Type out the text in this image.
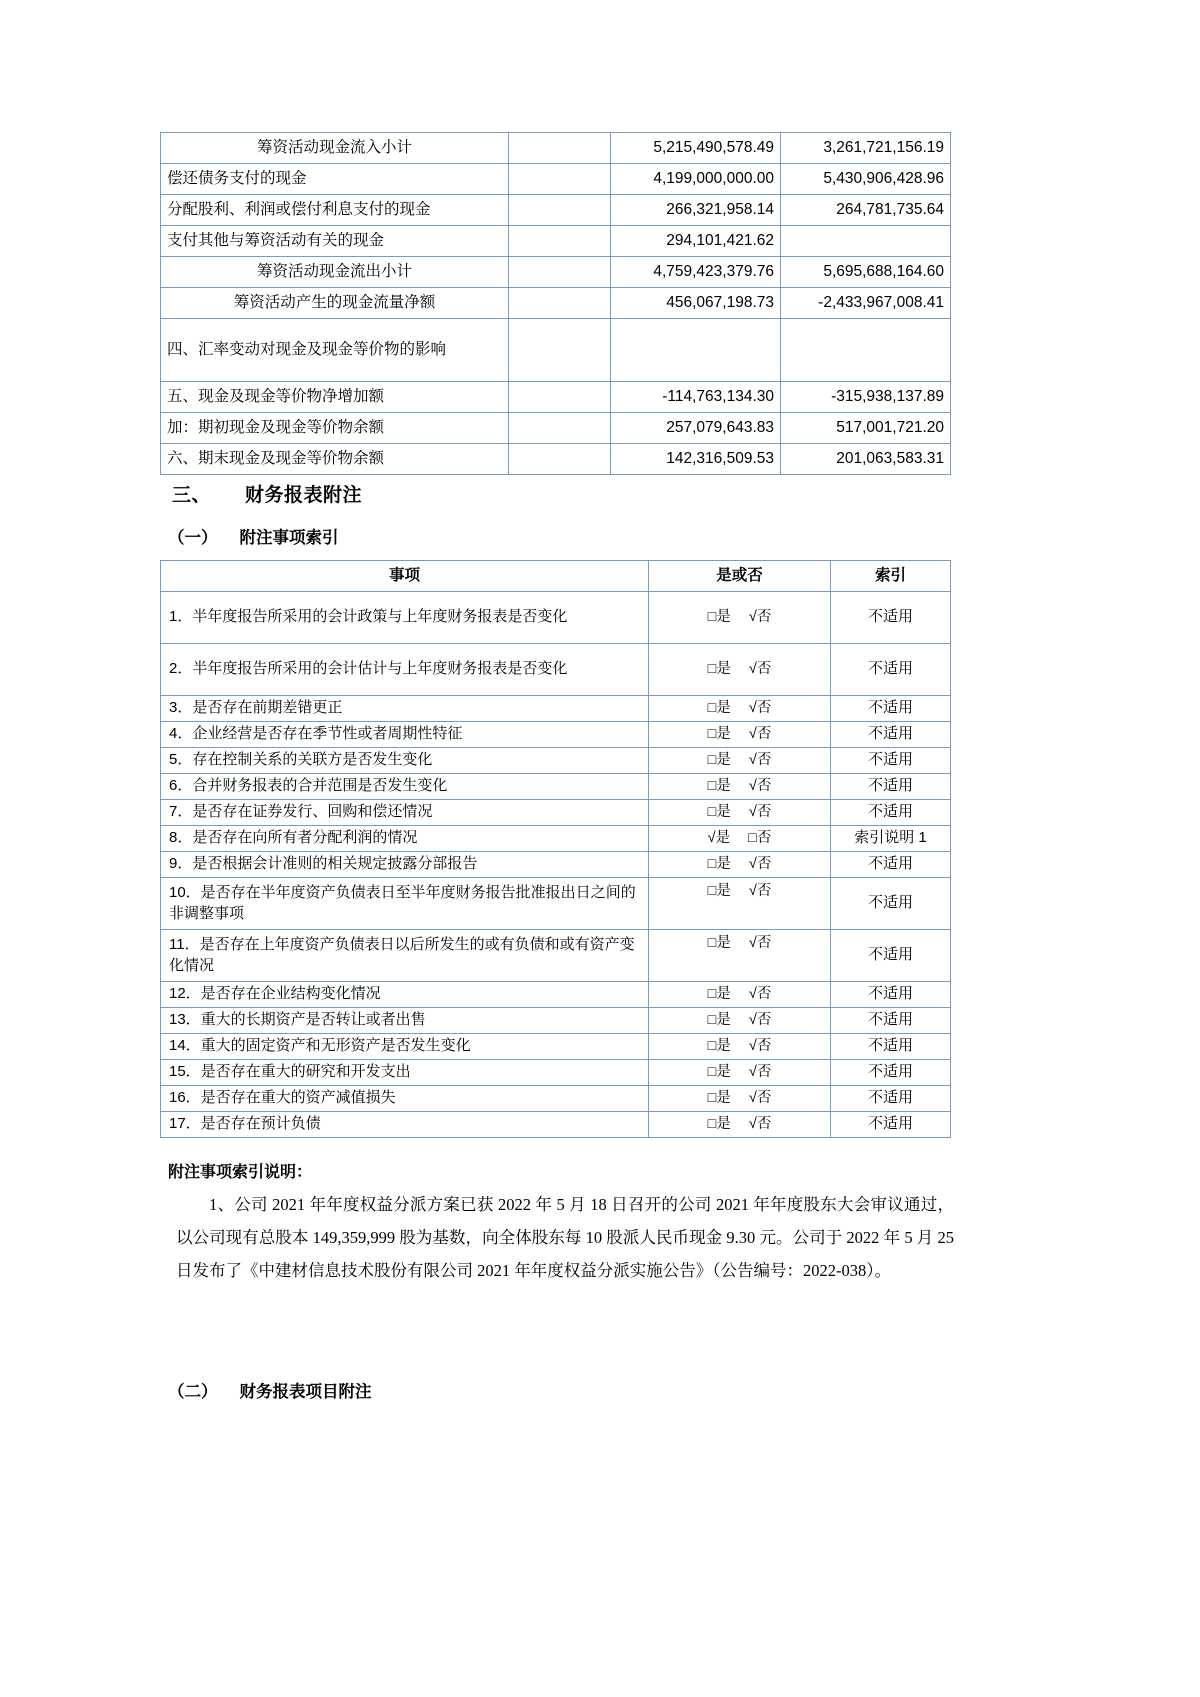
筹资活动现金流入小计		5,215,490,578.49	3,261,721,156.19
偿还债务支付的现金		4,199,000,000.00	5,430,906,428.96
分配股利、利润或偿付利息支付的现金		266,321,958.14	264,781,735.64
支付其他与筹资活动有关的现金		294,101,421.62	
筹资活动现金流出小计		4,759,423,379.76	5,695,688,164.60
筹资活动产生的现金流量净额		456,067,198.73	-2,433,967,008.41
四、汇率变动对现金及现金等价物的影响			
五、现金及现金等价物净增加额		-114,763,134.30	-315,938,137.89
加：期初现金及现金等价物余额		257,079,643.83	517,001,721.20
六、期末现金及现金等价物余额		142,316,509.53	201,063,583.31
三、 财务报表附注
（一） 附注事项索引
事项	是或否	索引
1．半年度报告所采用的会计政策与上年度财务报表是否变化	□是 √否	不适用
2．半年度报告所采用的会计估计与上年度财务报表是否变化	□是 √否	不适用
3．是否存在前期差错更正	□是 √否	不适用
4．企业经营是否存在季节性或者周期性特征	□是 √否	不适用
5．存在控制关系的关联方是否发生变化	□是 √否	不适用
6．合并财务报表的合并范围是否发生变化	□是 √否	不适用
7．是否存在证券发行、回购和偿还情况	□是 √否	不适用
8．是否存在向所有者分配利润的情况	√是 □否	索引说明 1
9．是否根据会计准则的相关规定披露分部报告	□是 √否	不适用
10．是否存在半年度资产负债表日至半年度财务报告批准报出日之间的非调整事项	□是 √否	不适用
11．是否存在上年度资产负债表日以后所发生的或有负债和或有资产变化情况	□是 √否	不适用
12．是否存在企业结构变化情况	□是 √否	不适用
13．重大的长期资产是否转让或者出售	□是 √否	不适用
14．重大的固定资产和无形资产是否发生变化	□是 √否	不适用
15．是否存在重大的研究和开发支出	□是 √否	不适用
16．是否存在重大的资产减值损失	□是 √否	不适用
17．是否存在预计负债	□是 √否	不适用
附注事项索引说明：
1、公司 2021 年年度权益分派方案已获 2022 年 5 月 18 日召开的公司 2021 年年度股东大会审议通过，以公司现有总股本 149,359,999 股为基数，向全体股东每 10 股派人民币现金 9.30 元。公司于 2022 年 5 月 25 日发布了《中建材信息技术股份有限公司 2021 年年度权益分派实施公告》（公告编号：2022-038）。
（二） 财务报表项目附注
